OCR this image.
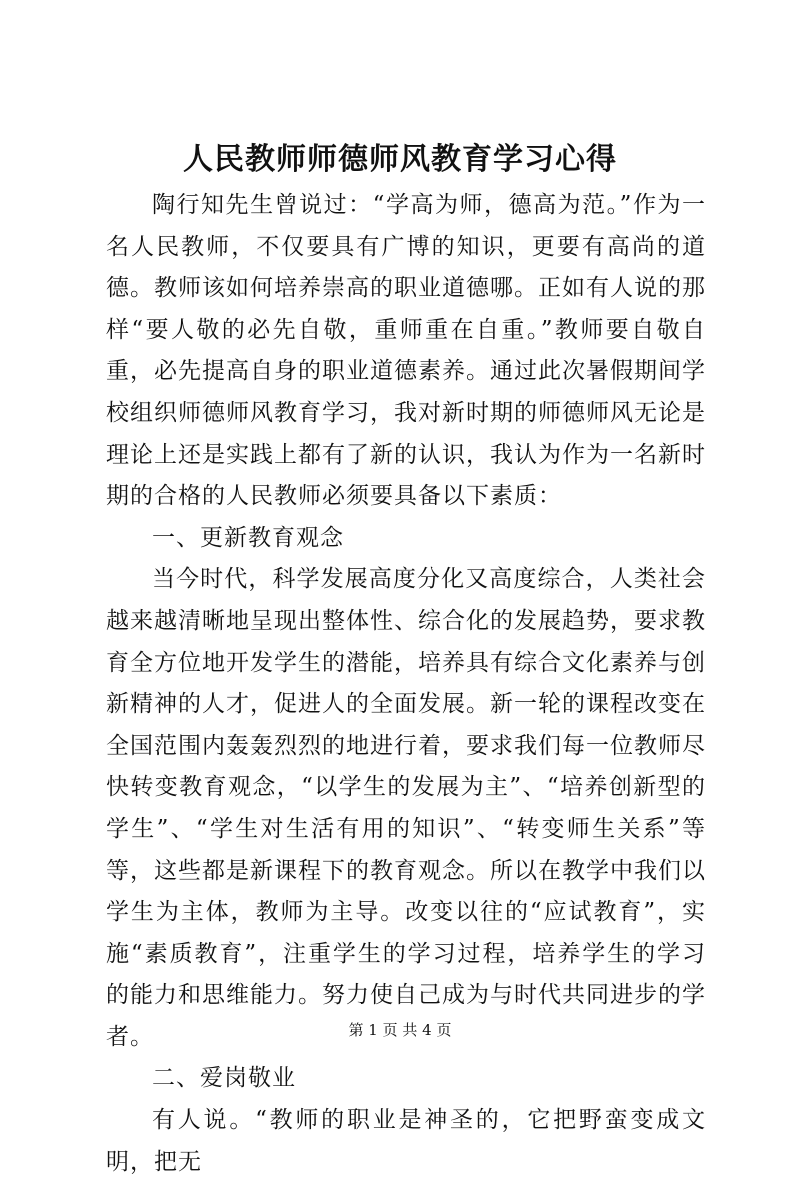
人民教师师德师风教育学习心得

陶行知先生曾说过：“学高为师，德高为范。”作为一名人民教师，不仅要具有广博的知识，更要有高尚的道德。教师该如何培养崇高的职业道德哪。正如有人说的那样“要人敬的必先自敬，重师重在自重。”教师要自敬自重，必先提高自身的职业道德素养。通过此次暑假期间学校组织师德师风教育学习，我对新时期的师德师风无论是理论上还是实践上都有了新的认识，我认为作为一名新时期的合格的人民教师必须要具备以下素质：

一、更新教育观念

当今时代，科学发展高度分化又高度综合，人类社会越来越清晰地呈现出整体性、综合化的发展趋势，要求教育全方位地开发学生的潜能，培养具有综合文化素养与创新精神的人才，促进人的全面发展。新一轮的课程改变在全国范围内轰轰烈烈的地进行着，要求我们每一位教师尽快转变教育观念，“以学生的发展为主”、“培养创新型的学生”、“学生对生活有用的知识”、“转变师生关系”等等，这些都是新课程下的教育观念。所以在教学中我们以学生为主体，教师为主导。改变以往的“应试教育”，实施“素质教育”，注重学生的学习过程，培养学生的学习的能力和思维能力。努力使自己成为与时代共同进步的学者。

二、爱岗敬业

有人说。“教师的职业是神圣的，它把野蛮变成文明，把无

第 1 页 共 4 页
